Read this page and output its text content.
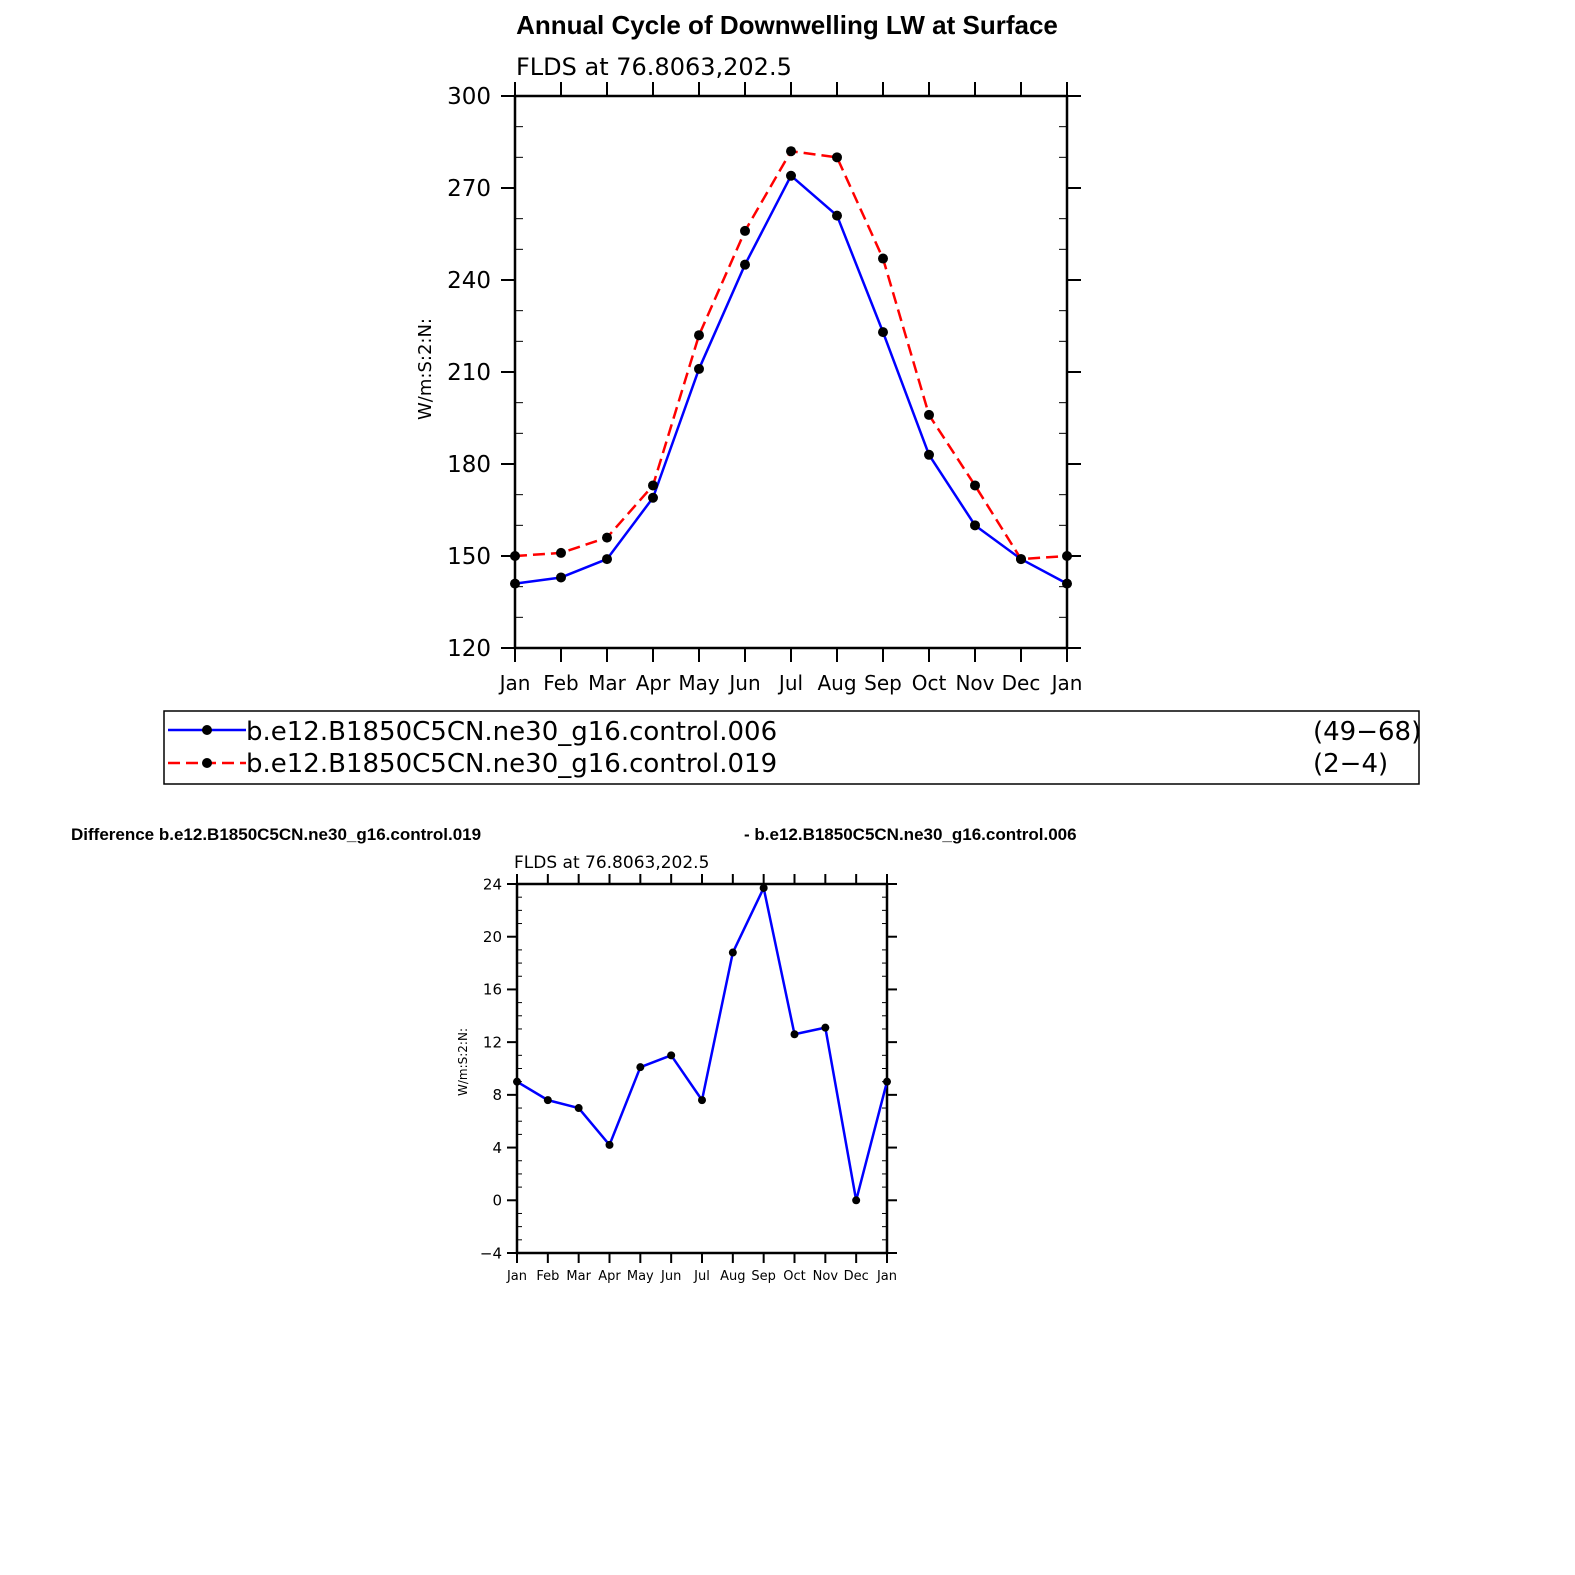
Annual Cycle of Downwelling LW at Surface
FLDS at 76.8063,202.5
W/m:S:2:N:
Jan Feb Mar Apr May Jun Jul Aug Sep Oct Nov Dec Jan
120
150
180
210
240
270
300
b.e12.B1850C5CN.ne30_g16.control.006	(49−68)
b.e12.B1850C5CN.ne30_g16.control.019	(2−4)
Difference b.e12.B1850C5CN.ne30_g16.control.019	- b.e12.B1850C5CN.ne30_g16.control.006
FLDS at 76.8063,202.5
W/m:S:2:N:
Jan Feb Mar Apr May Jun Jul Aug Sep Oct Nov Dec Jan
−4
0
4
8
12
16
20
24
